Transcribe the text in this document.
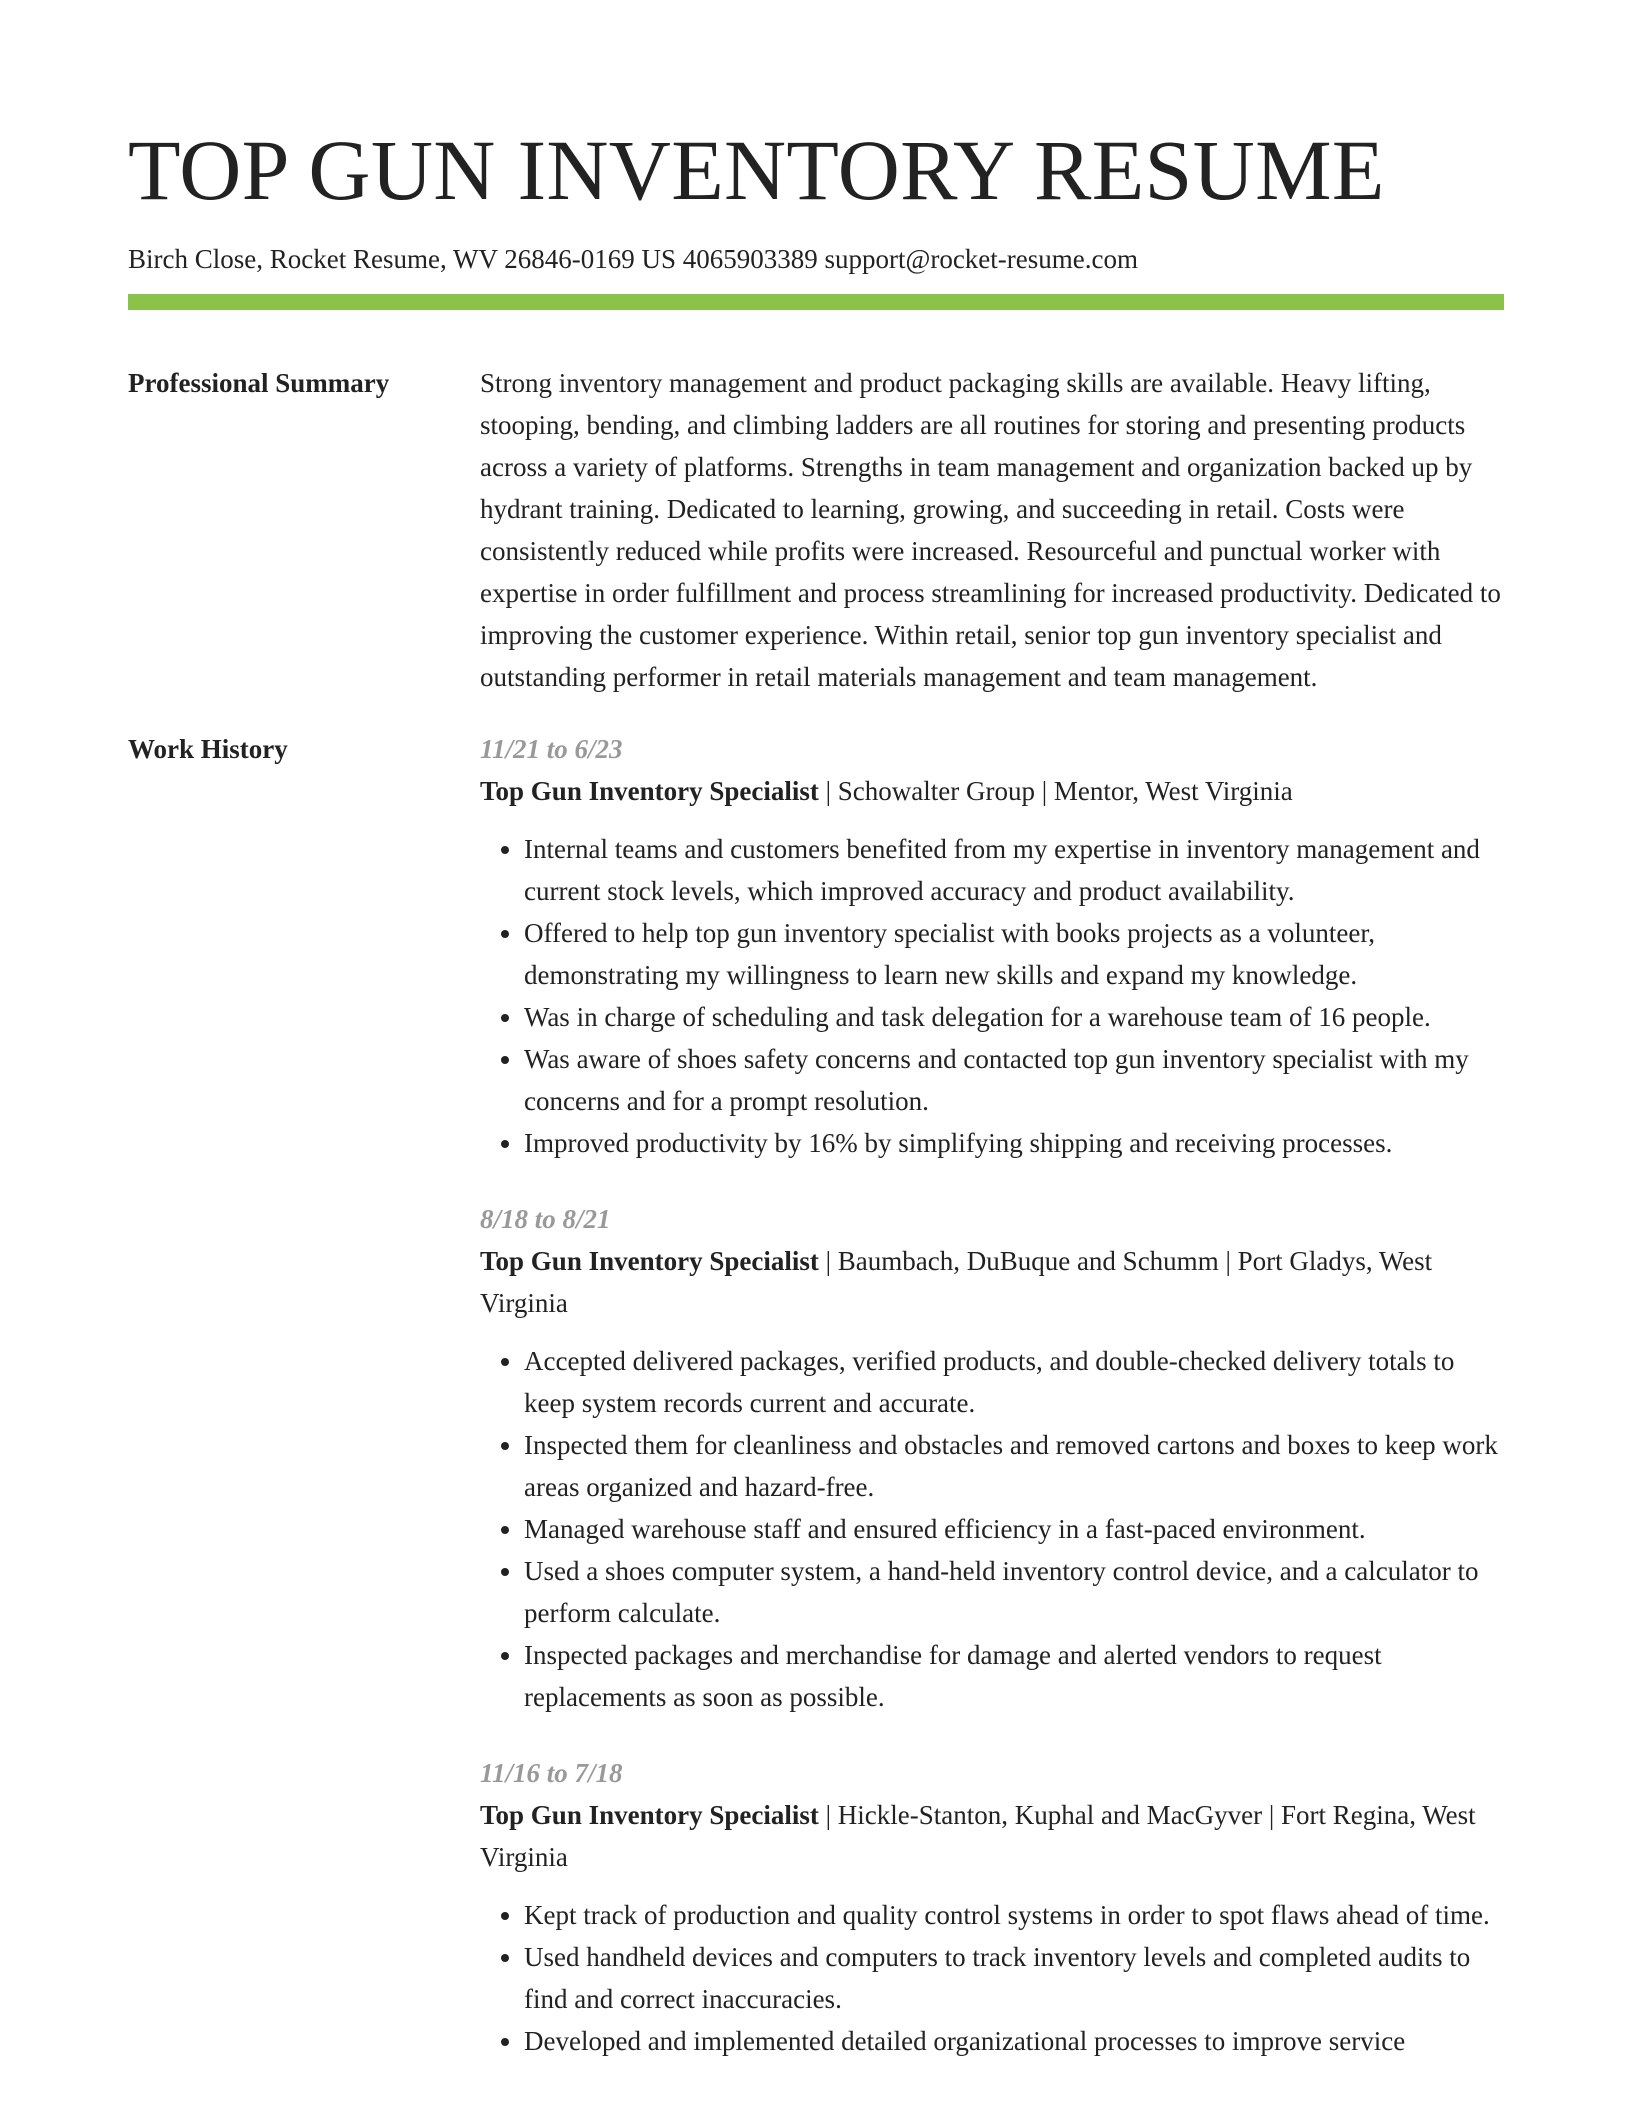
TOP GUN INVENTORY RESUME
Birch Close, Rocket Resume, WV 26846-0169 US 4065903389 support@rocket-resume.com
Professional Summary	Strong inventory management and product packaging skills are available. Heavy lifting, stooping, bending, and climbing ladders are all routines for storing and presenting products across a variety of platforms. Strengths in team management and organization backed up by hydrant training. Dedicated to learning, growing, and succeeding in retail. Costs were consistently reduced while profits were increased. Resourceful and punctual worker with expertise in order fulfillment and process streamlining for increased productivity. Dedicated to improving the customer experience. Within retail, senior top gun inventory specialist and outstanding performer in retail materials management and team management.

Work History	11/21 to 6/23
Top Gun Inventory Specialist | Schowalter Group | Mentor, West Virginia
• Internal teams and customers benefited from my expertise in inventory management and current stock levels, which improved accuracy and product availability.
• Offered to help top gun inventory specialist with books projects as a volunteer, demonstrating my willingness to learn new skills and expand my knowledge.
• Was in charge of scheduling and task delegation for a warehouse team of 16 people.
• Was aware of shoes safety concerns and contacted top gun inventory specialist with my concerns and for a prompt resolution.
• Improved productivity by 16% by simplifying shipping and receiving processes.
8/18 to 8/21
Top Gun Inventory Specialist | Baumbach, DuBuque and Schumm | Port Gladys, West Virginia
• Accepted delivered packages, verified products, and double-checked delivery totals to keep system records current and accurate.
• Inspected them for cleanliness and obstacles and removed cartons and boxes to keep work areas organized and hazard-free.
• Managed warehouse staff and ensured efficiency in a fast-paced environment.
• Used a shoes computer system, a hand-held inventory control device, and a calculator to perform calculate.
• Inspected packages and merchandise for damage and alerted vendors to request replacements as soon as possible.
11/16 to 7/18
Top Gun Inventory Specialist | Hickle-Stanton, Kuphal and MacGyver | Fort Regina, West Virginia
• Kept track of production and quality control systems in order to spot flaws ahead of time.
• Used handheld devices and computers to track inventory levels and completed audits to find and correct inaccuracies.
• Developed and implemented detailed organizational processes to improve service
